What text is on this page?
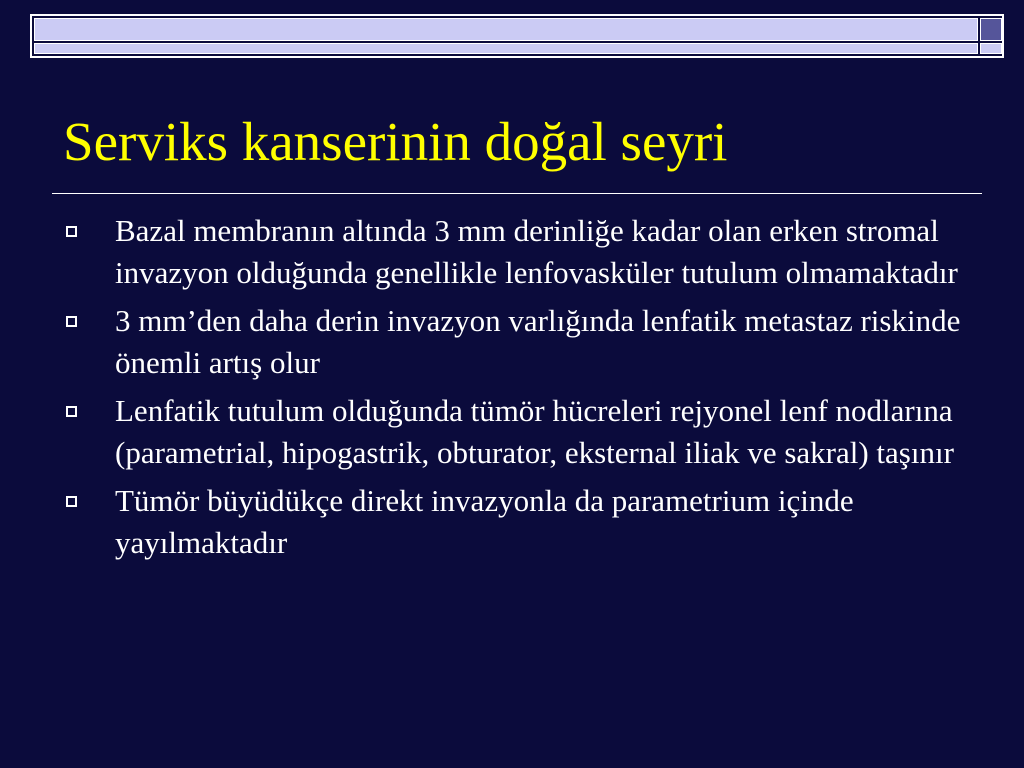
Serviks kanserinin doğal seyri
Bazal membranın altında 3 mm derinliğe kadar olan erken stromal invazyon olduğunda genellikle lenfovasküler tutulum olmamaktadır
3 mm’den daha derin invazyon varlığında lenfatik metastaz riskinde önemli artış olur
Lenfatik tutulum olduğunda tümör hücreleri rejyonel lenf nodlarına (parametrial, hipogastrik, obturator, eksternal iliak ve sakral) taşınır
Tümör büyüdükçe direkt invazyonla da parametrium içinde yayılmaktadır
